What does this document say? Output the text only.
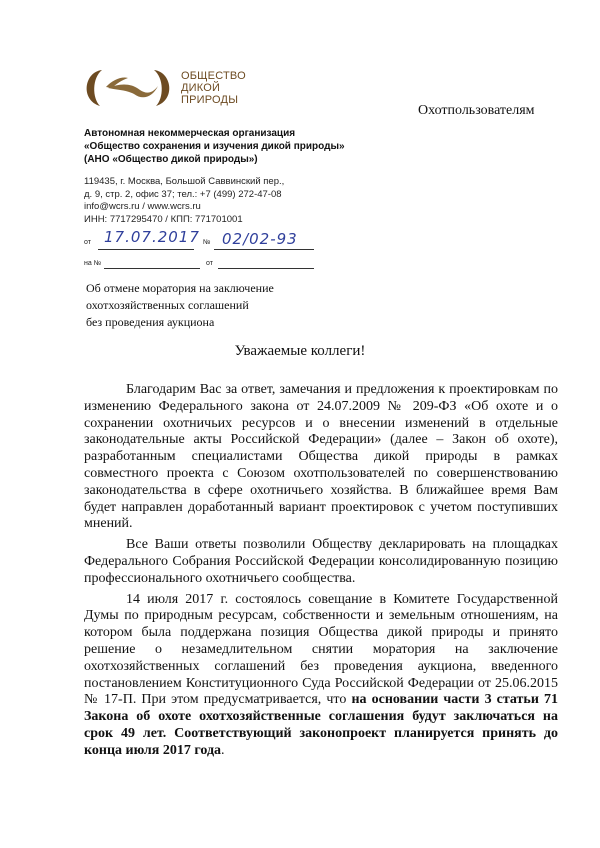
ОБЩЕСТВО
ДИКОЙ
ПРИРОДЫ
Охотпользователям
Автономная некоммерческая организация
«Общество сохранения и изучения дикой природы»
(АНО «Общество дикой природы»)
119435, г. Москва, Большой Саввинский пер.,
д. 9, стр. 2, офис 37; тел.: +7 (499) 272-47-08
info@wcrs.ru / www.wcrs.ru
ИНН: 7717295470 / КПП: 771701001
от 17.07.2017 № 02/02-93
на №	от
Об отмене моратория на заключение
охотхозяйственных соглашений
без проведения аукциона
Уважаемые коллеги!

Благодарим Вас за ответ, замечания и предложения к проектировкам по изменению Федерального закона от 24.07.2009 № 209-ФЗ «Об охоте и о сохранении охотничьих ресурсов и о внесении изменений в отдельные законодательные акты Российской Федерации» (далее – Закон об охоте), разработанным специалистами Общества дикой природы в рамках совместного проекта с Союзом охотпользователей по совершенствованию законодательства в сфере охотничьего хозяйства. В ближайшее время Вам будет направлен доработанный вариант проектировок с учетом поступивших мнений.

Все Ваши ответы позволили Обществу декларировать на площадках Федерального Собрания Российской Федерации консолидированную позицию профессионального охотничьего сообщества.

14 июля 2017 г. состоялось совещание в Комитете Государственной Думы по природным ресурсам, собственности и земельным отношениям, на котором была поддержана позиция Общества дикой природы и принято решение о незамедлительном снятии моратория на заключение охотхозяйственных соглашений без проведения аукциона, введенного постановлением Конституционного Суда Российской Федерации от 25.06.2015 № 17-П. При этом предусматривается, что на основании части 3 статьи 71 Закона об охоте охотхозяйственные соглашения будут заключаться на срок 49 лет. Соответствующий законопроект планируется принять до конца июля 2017 года.
